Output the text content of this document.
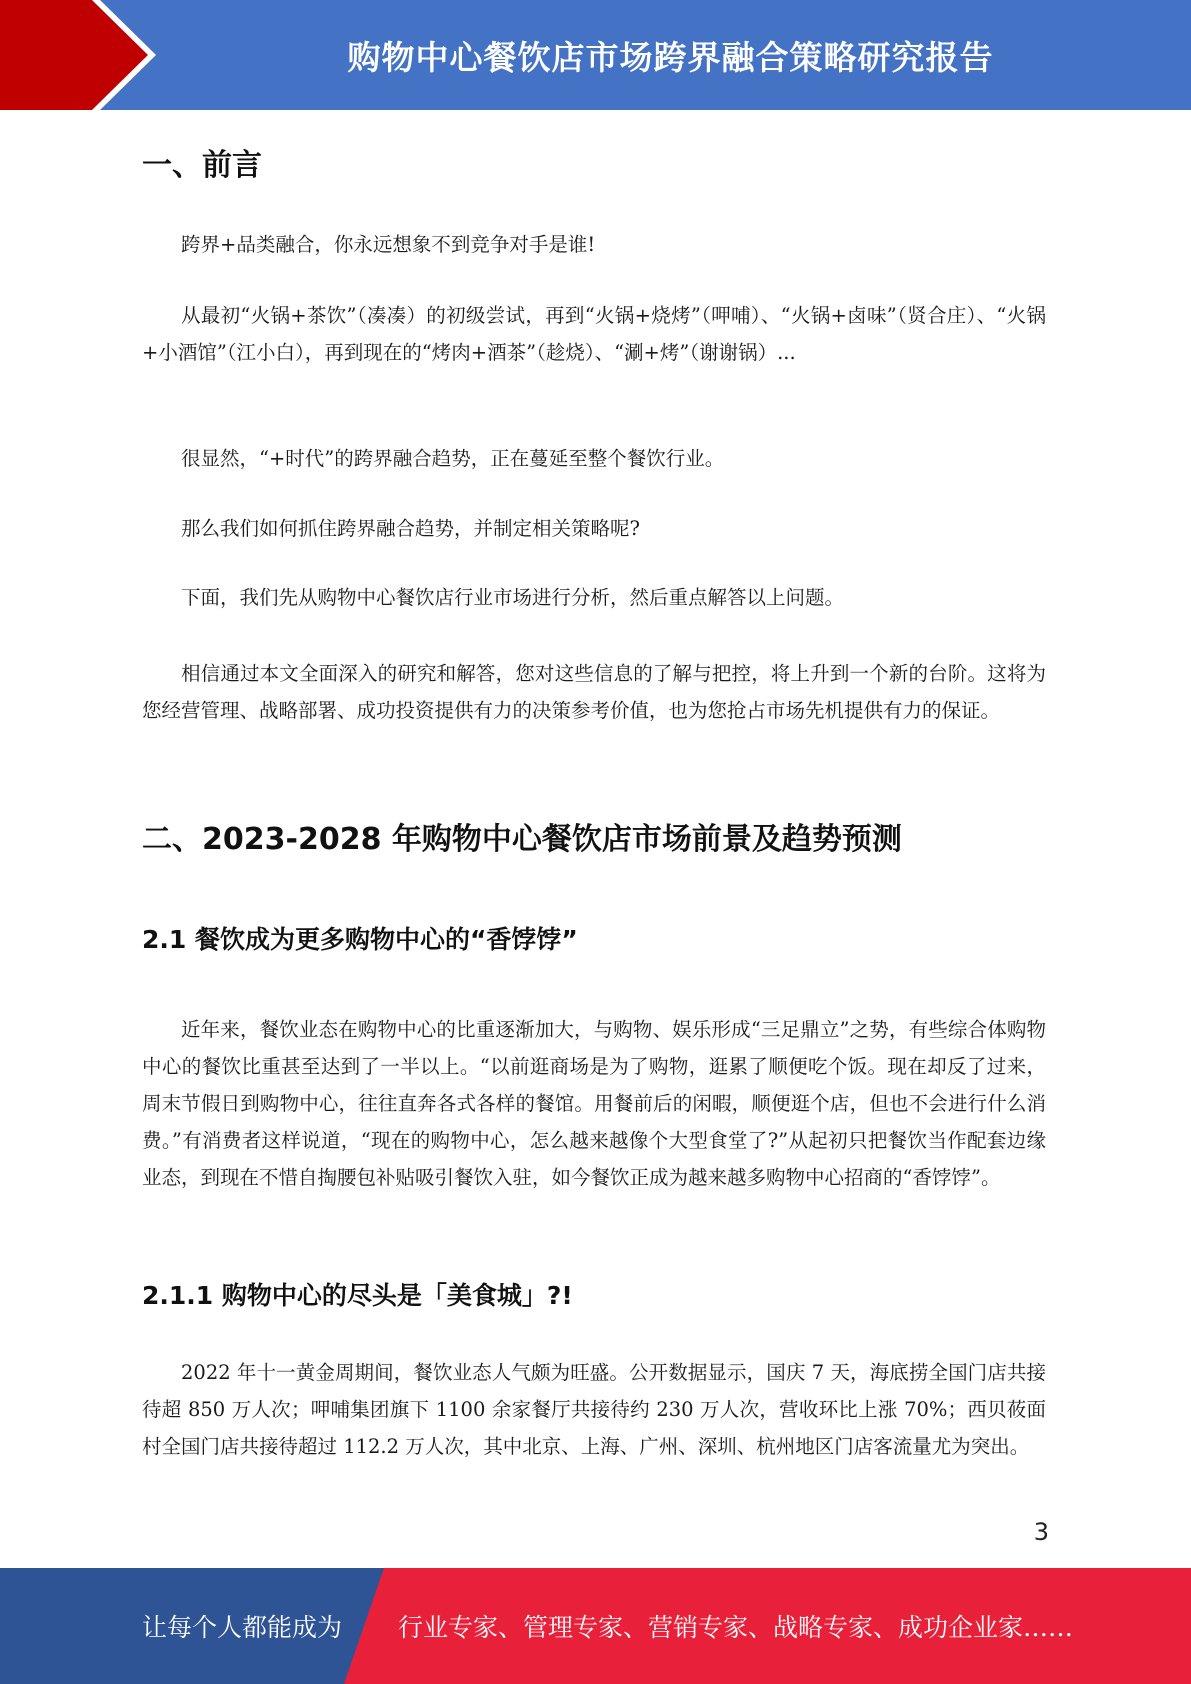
购物中心餐饮店市场跨界融合策略研究报告
一、前言

跨界+品类融合，你永远想象不到竞争对手是谁!

从最初“火锅+茶饮”（凑凑）的初级尝试，再到“火锅+烧烤”（呷哺）、“火锅+卤味”（贤合庄）、“火锅+小酒馆”（江小白），再到现在的“烤肉+酒茶”（趁烧）、“涮+烤”（谢谢锅）...

很显然，“+时代”的跨界融合趋势，正在蔓延至整个餐饮行业。

那么我们如何抓住跨界融合趋势，并制定相关策略呢?

下面，我们先从购物中心餐饮店行业市场进行分析，然后重点解答以上问题。

相信通过本文全面深入的研究和解答，您对这些信息的了解与把控，将上升到一个新的台阶。这将为您经营管理、战略部署、成功投资提供有力的决策参考价值，也为您抢占市场先机提供有力的保证。

二、2023-2028 年购物中心餐饮店市场前景及趋势预测
2.1 餐饮成为更多购物中心的“香饽饽”

近年来，餐饮业态在购物中心的比重逐渐加大，与购物、娱乐形成“三足鼎立”之势，有些综合体购物中心的餐饮比重甚至达到了一半以上。“以前逛商场是为了购物，逛累了顺便吃个饭。现在却反了过来，周末节假日到购物中心，往往直奔各式各样的餐馆。用餐前后的闲暇，顺便逛个店，但也不会进行什么消费。”有消费者这样说道，“现在的购物中心，怎么越来越像个大型食堂了?”从起初只把餐饮当作配套边缘业态，到现在不惜自掏腰包补贴吸引餐饮入驻，如今餐饮正成为越来越多购物中心招商的“香饽饽”。

2.1.1 购物中心的尽头是「美食城」?!

2022 年十一黄金周期间，餐饮业态人气颇为旺盛。公开数据显示，国庆 7 天，海底捞全国门店共接待超 850 万人次；呷哺集团旗下 1100 余家餐厅共接待约 230 万人次，营收环比上涨 70%；西贝莜面村全国门店共接待超过 112.2 万人次，其中北京、上海、广州、深圳、杭州地区门店客流量尤为突出。

3
让每个人都能成为 行业专家、管理专家、营销专家、战略专家、成功企业家……
